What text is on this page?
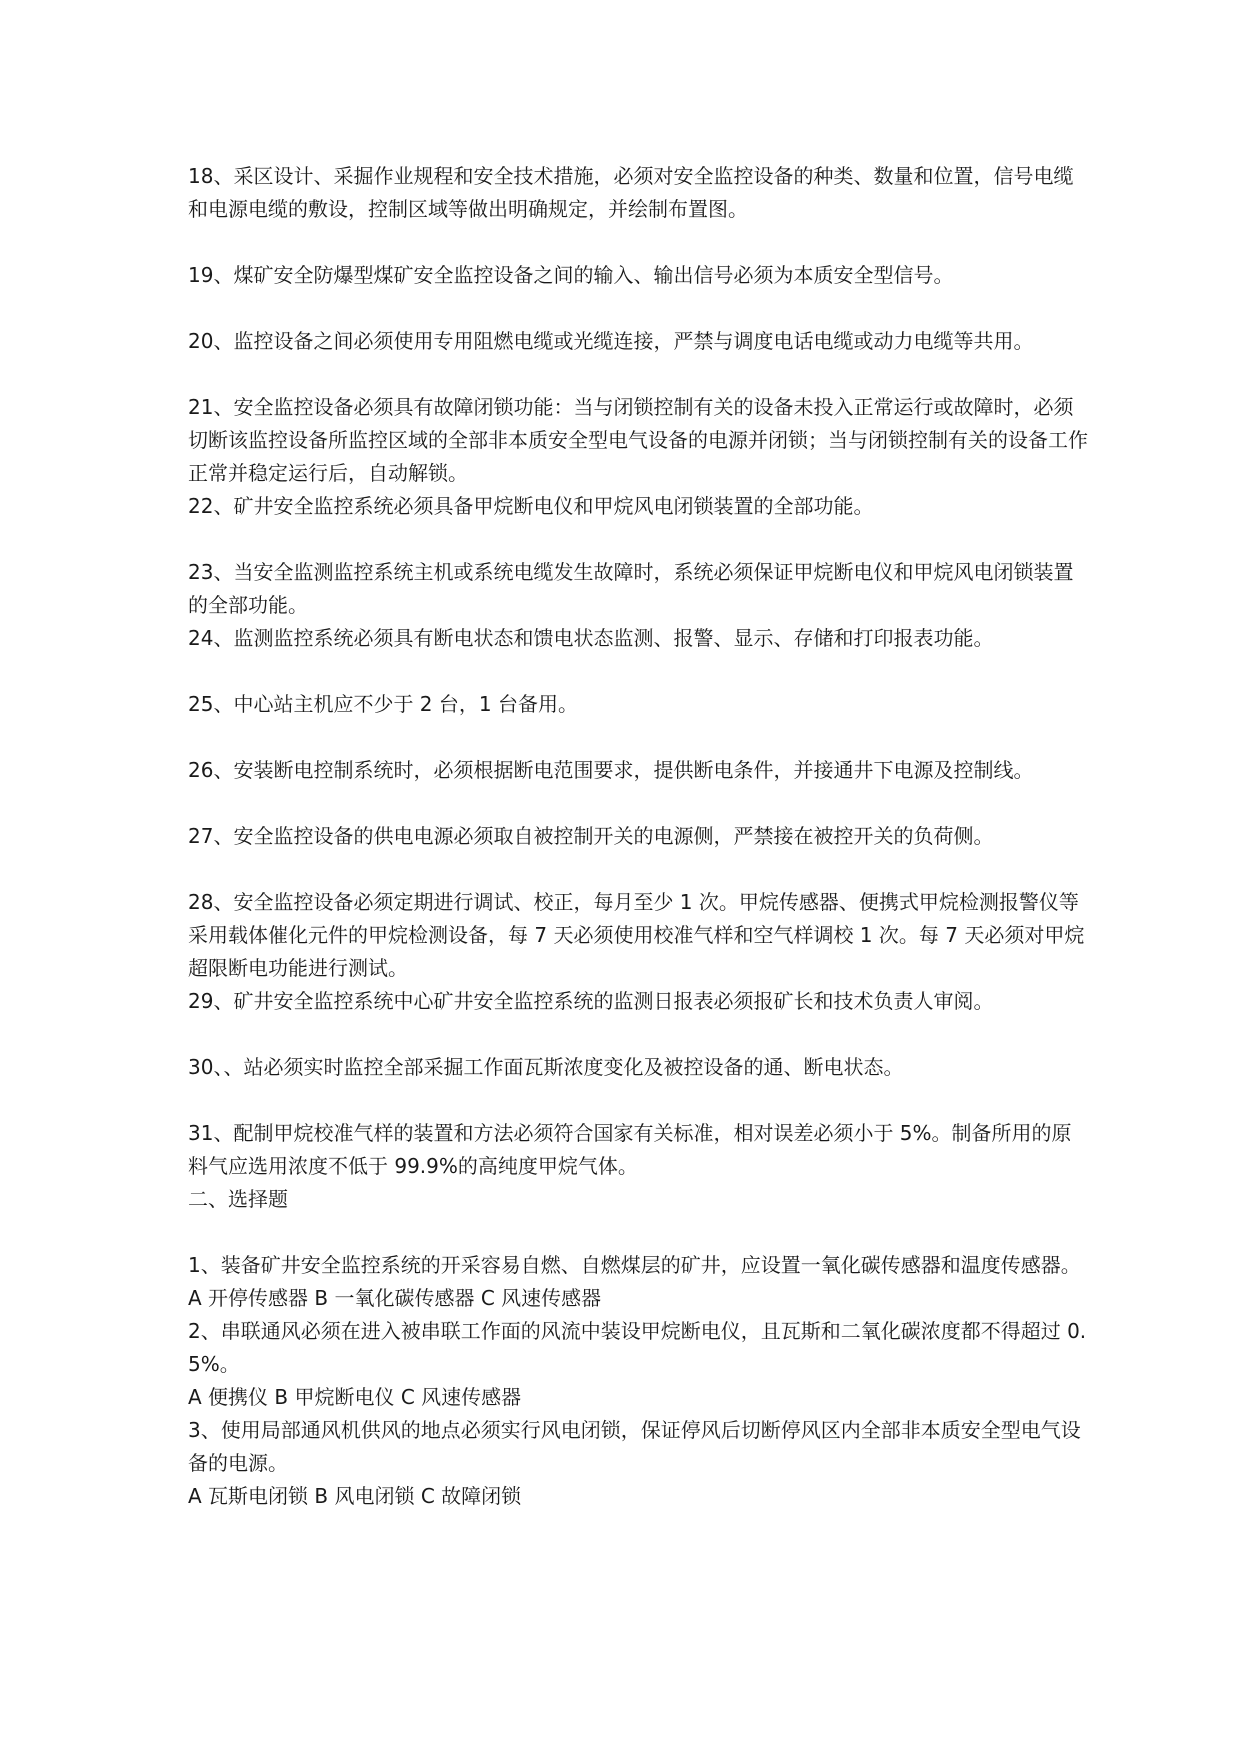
18、采区设计、采掘作业规程和安全技术措施，必须对安全监控设备的种类、数量和位置，信号电缆和电源电缆的敷设，控制区域等做出明确规定，并绘制布置图。

19、煤矿安全防爆型煤矿安全监控设备之间的输入、输出信号必须为本质安全型信号。

20、监控设备之间必须使用专用阻燃电缆或光缆连接，严禁与调度电话电缆或动力电缆等共用。

21、安全监控设备必须具有故障闭锁功能：当与闭锁控制有关的设备未投入正常运行或故障时，必须切断该监控设备所监控区域的全部非本质安全型电气设备的电源并闭锁；当与闭锁控制有关的设备工作正常并稳定运行后，自动解锁。

22、矿井安全监控系统必须具备甲烷断电仪和甲烷风电闭锁装置的全部功能。

23、当安全监测监控系统主机或系统电缆发生故障时，系统必须保证甲烷断电仪和甲烷风电闭锁装置的全部功能。

24、监测监控系统必须具有断电状态和馈电状态监测、报警、显示、存储和打印报表功能。

25、中心站主机应不少于 2 台，1 台备用。

26、安装断电控制系统时，必须根据断电范围要求，提供断电条件，并接通井下电源及控制线。

27、安全监控设备的供电电源必须取自被控制开关的电源侧，严禁接在被控开关的负荷侧。

28、安全监控设备必须定期进行调试、校正，每月至少 1 次。甲烷传感器、便携式甲烷检测报警仪等采用载体催化元件的甲烷检测设备，每 7 天必须使用校准气样和空气样调校 1 次。每 7 天必须对甲烷超限断电功能进行测试。

29、矿井安全监控系统中心矿井安全监控系统的监测日报表必须报矿长和技术负责人审阅。

30、、站必须实时监控全部采掘工作面瓦斯浓度变化及被控设备的通、断电状态。

31、配制甲烷校准气样的装置和方法必须符合国家有关标准，相对误差必须小于 5%。制备所用的原料气应选用浓度不低于 99.9%的高纯度甲烷气体。

二、选择题

1、装备矿井安全监控系统的开采容易自燃、自燃煤层的矿井，应设置一氧化碳传感器和温度传感器。

A 开停传感器 B 一氧化碳传感器 C 风速传感器

2、串联通风必须在进入被串联工作面的风流中装设甲烷断电仪，且瓦斯和二氧化碳浓度都不得超过 0.5%。

A 便携仪 B 甲烷断电仪 C 风速传感器

3、使用局部通风机供风的地点必须实行风电闭锁，保证停风后切断停风区内全部非本质安全型电气设备的电源。

A 瓦斯电闭锁 B 风电闭锁 C 故障闭锁
